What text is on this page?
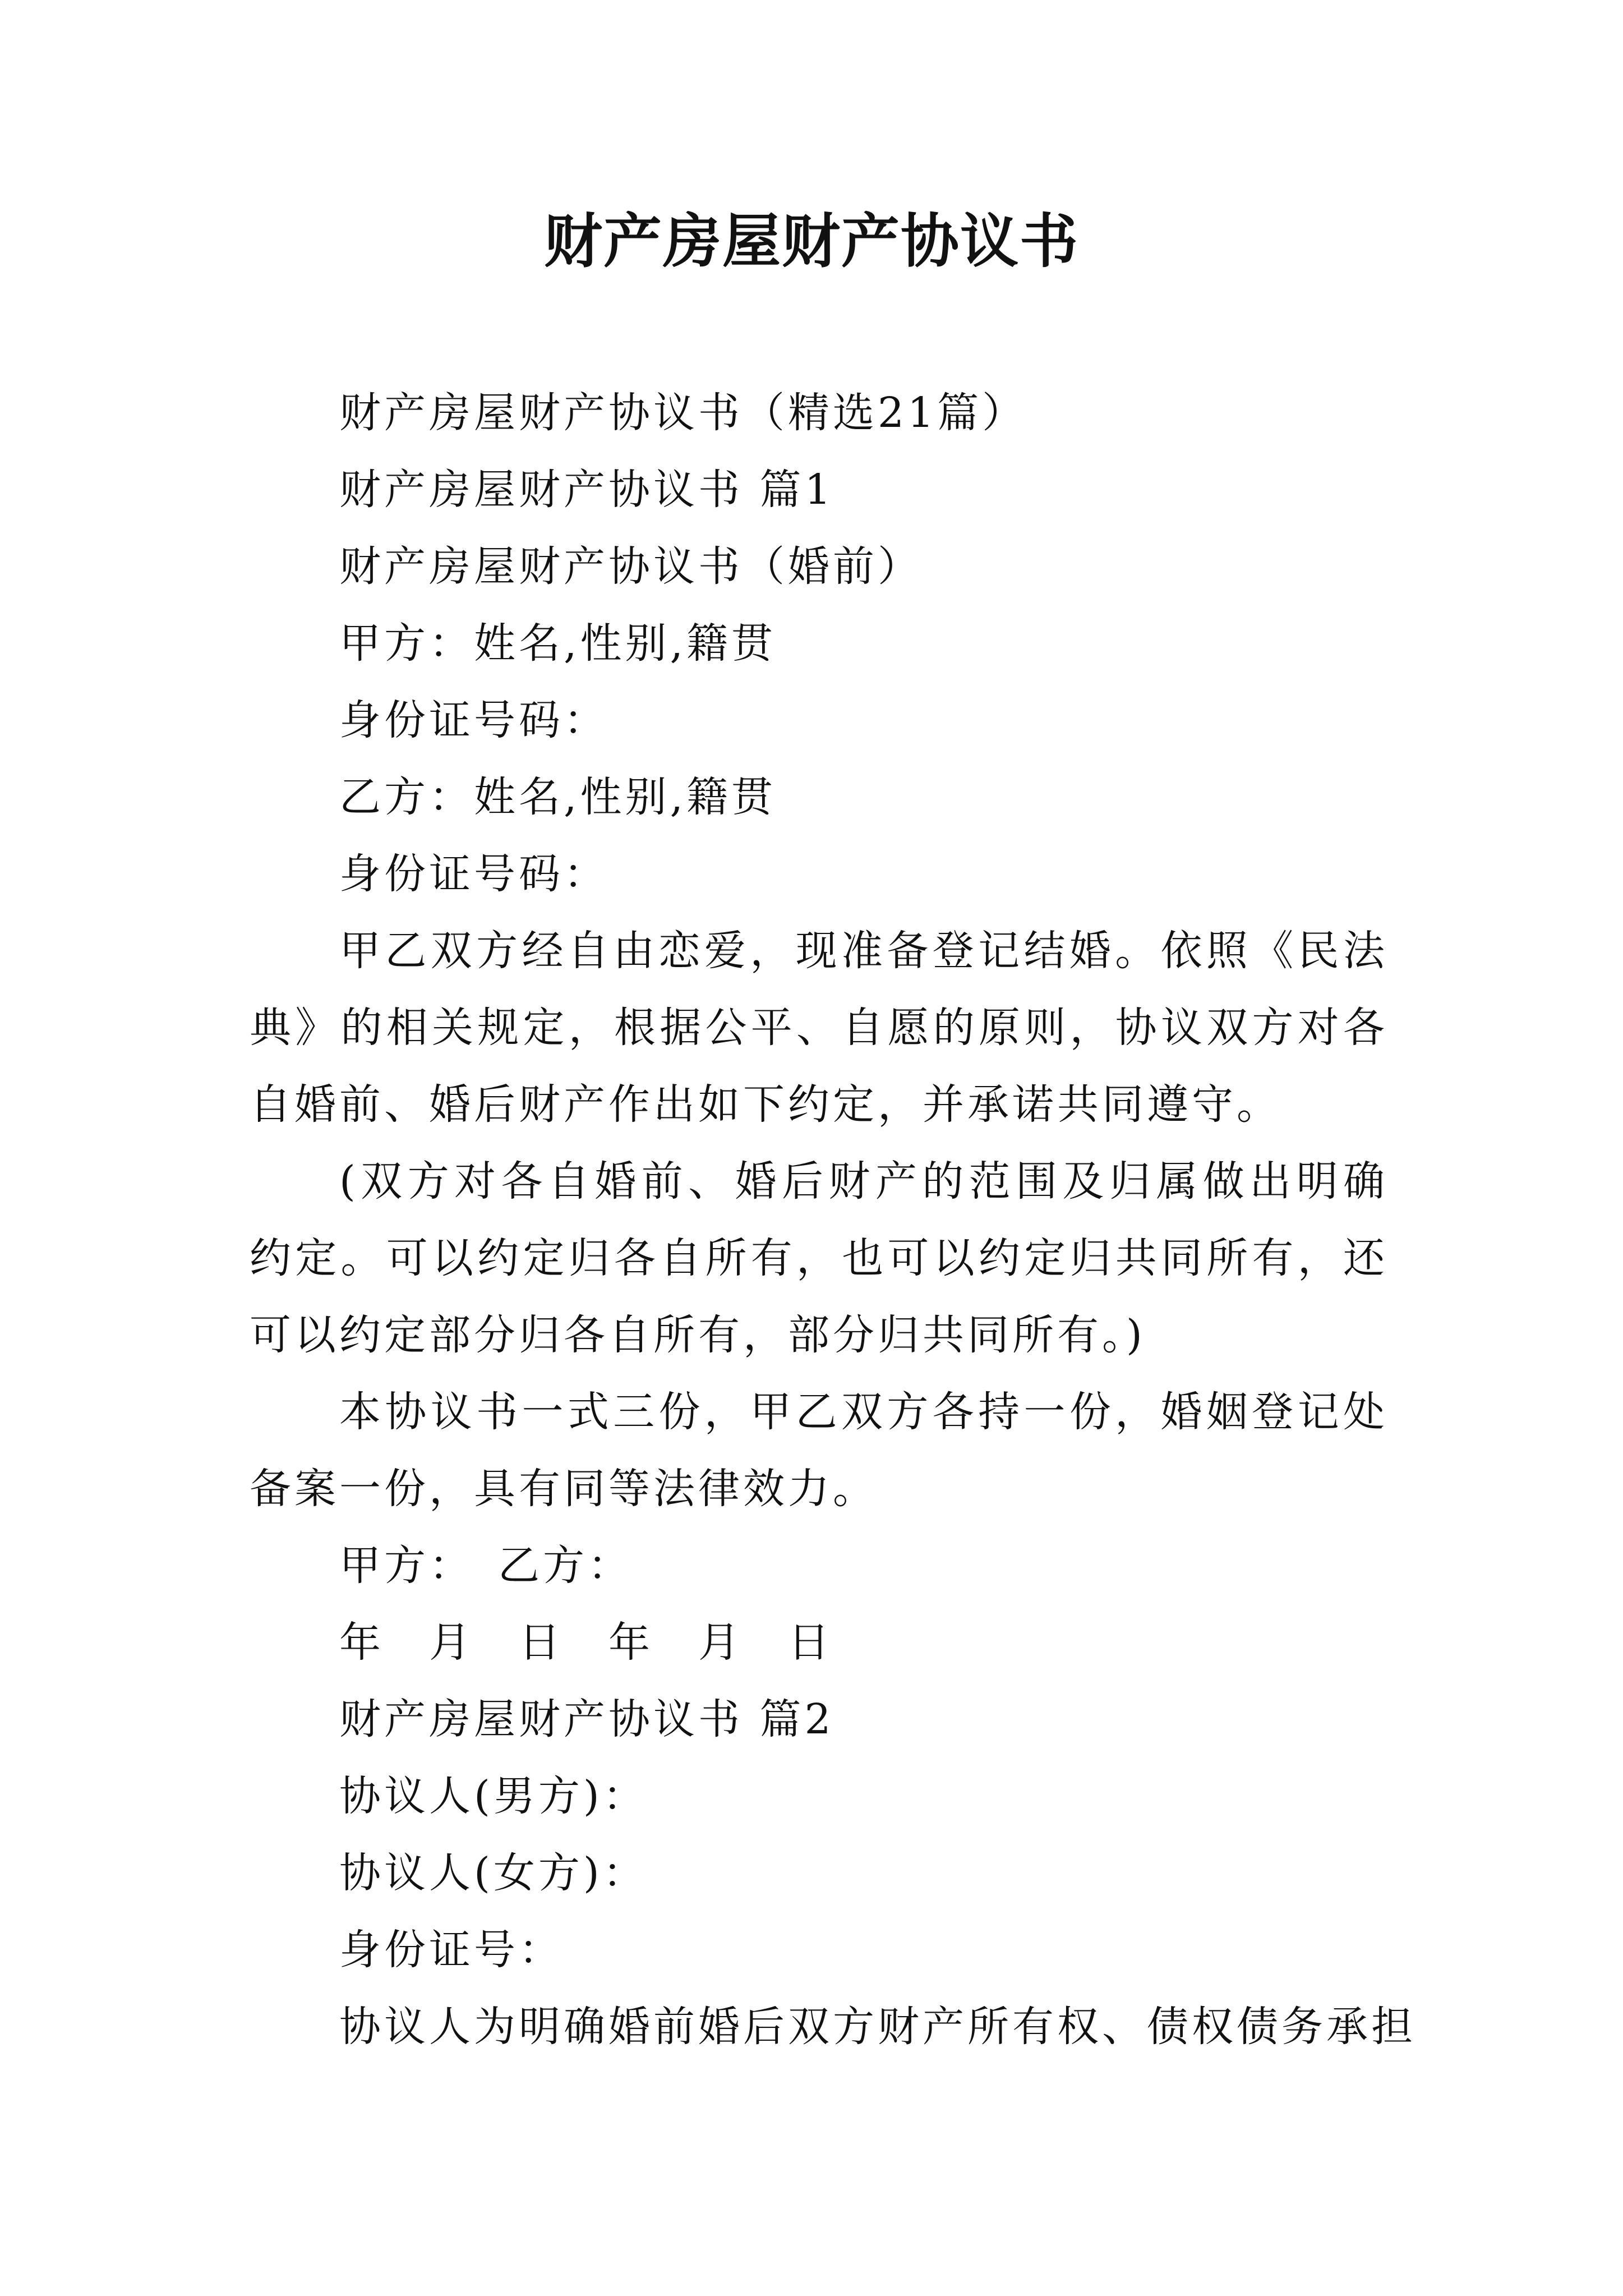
财产房屋财产协议书

财产房屋财产协议书（精选21篇）

财产房屋财产协议书 篇1

财产房屋财产协议书（婚前）

甲方：姓名,性别,籍贯

身份证号码：

乙方：姓名,性别,籍贯

身份证号码：

甲乙双方经自由恋爱，现准备登记结婚。依照《民法典》的相关规定，根据公平、自愿的原则，协议双方对各自婚前、婚后财产作出如下约定，并承诺共同遵守。

(双方对各自婚前、婚后财产的范围及归属做出明确约定。可以约定归各自所有，也可以约定归共同所有，还可以约定部分归各自所有，部分归共同所有。)

本协议书一式三份，甲乙双方各持一份，婚姻登记处备案一份，具有同等法律效力。

甲方：　乙方：

年　月　日　年　月　日

财产房屋财产协议书 篇2

协议人(男方)：

协议人(女方)：

身份证号：

协议人为明确婚前婚后双方财产所有权、债权债务承担
